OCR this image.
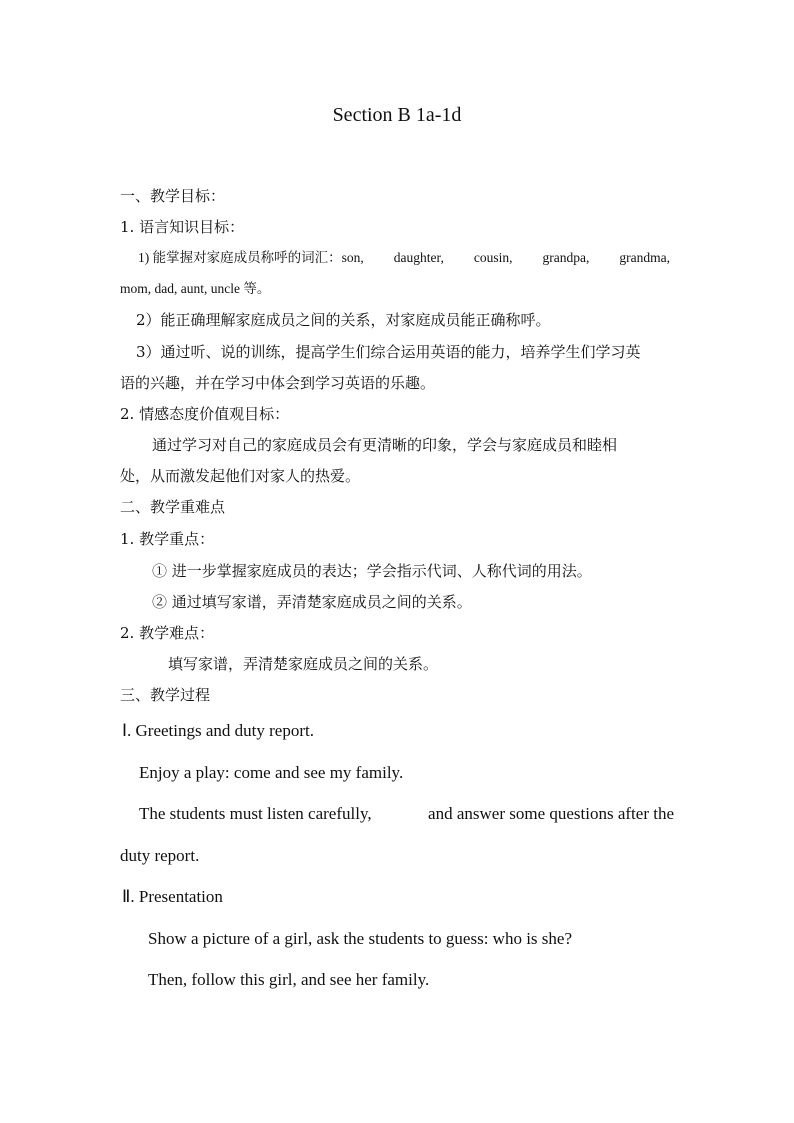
Section B 1a-1d
一、教学目标：
1. 语言知识目标：
1) 能掌握对家庭成员称呼的词汇：son, daughter, cousin, grandpa, grandma,
mom, dad, aunt, uncle 等。
2）能正确理解家庭成员之间的关系，对家庭成员能正确称呼。
3）通过听、说的训练，提高学生们综合运用英语的能力，培养学生们学习英
语的兴趣，并在学习中体会到学习英语的乐趣。
2. 情感态度价值观目标：
通过学习对自己的家庭成员会有更清晰的印象，学会与家庭成员和睦相
处，从而激发起他们对家人的热爱。
二、教学重难点
1. 教学重点：
① 进一步掌握家庭成员的表达；学会指示代词、人称代词的用法。
② 通过填写家谱，弄清楚家庭成员之间的关系。
2. 教学难点：
填写家谱，弄清楚家庭成员之间的关系。
三、教学过程
Ⅰ. Greetings and duty report.
Enjoy a play: come and see my family.
The students must listen carefully,	and answer some questions after the
duty report.
Ⅱ. Presentation
Show a picture of a girl, ask the students to guess: who is she?
Then, follow this girl, and see her family.
